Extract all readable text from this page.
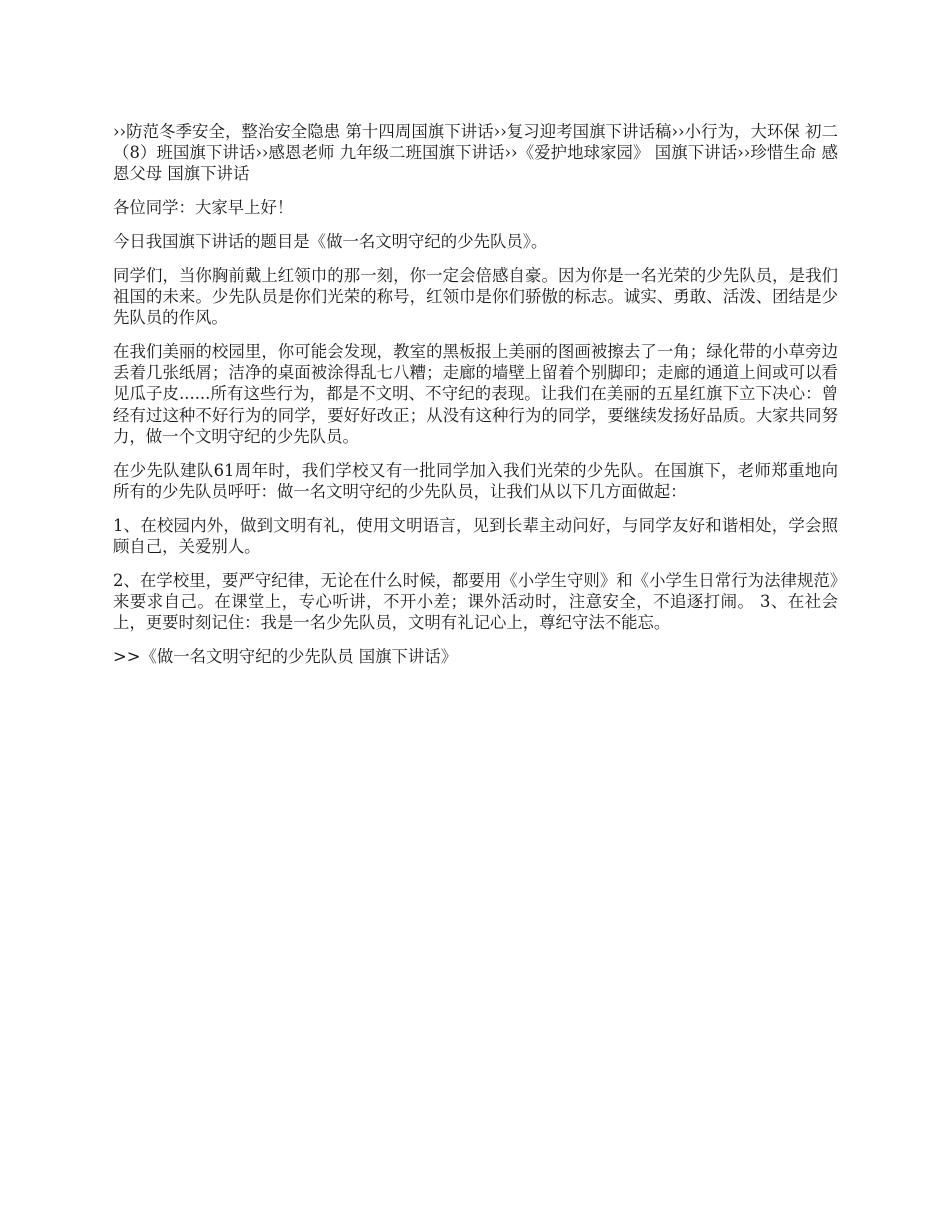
››防范冬季安全，整治安全隐患 第十四周国旗下讲话››复习迎考国旗下讲话稿››小行为，大环保 初二（8）班国旗下讲话››感恩老师 九年级二班国旗下讲话››《爱护地球家园》 国旗下讲话››珍惜生命 感恩父母 国旗下讲话

各位同学：大家早上好！

今日我国旗下讲话的题目是《做一名文明守纪的少先队员》。

同学们，当你胸前戴上红领巾的那一刻，你一定会倍感自豪。因为你是一名光荣的少先队员，是我们祖国的未来。少先队员是你们光荣的称号，红领巾是你们骄傲的标志。诚实、勇敢、活泼、团结是少先队员的作风。

在我们美丽的校园里，你可能会发现，教室的黑板报上美丽的图画被擦去了一角；绿化带的小草旁边丢着几张纸屑；洁净的桌面被涂得乱七八糟；走廊的墙壁上留着个别脚印；走廊的通道上间或可以看见瓜子皮......所有这些行为，都是不文明、不守纪的表现。让我们在美丽的五星红旗下立下决心：曾经有过这种不好行为的同学，要好好改正；从没有这种行为的同学，要继续发扬好品质。大家共同努力，做一个文明守纪的少先队员。

在少先队建队61周年时，我们学校又有一批同学加入我们光荣的少先队。在国旗下，老师郑重地向所有的少先队员呼吁：做一名文明守纪的少先队员，让我们从以下几方面做起：

1、在校园内外，做到文明有礼，使用文明语言，见到长辈主动问好，与同学友好和谐相处，学会照顾自己，关爱别人。

2、在学校里，要严守纪律，无论在什么时候，都要用《小学生守则》和《小学生日常行为法律规范》来要求自己。在课堂上，专心听讲，不开小差；课外活动时，注意安全，不追逐打闹。 3、在社会上，更要时刻记住：我是一名少先队员，文明有礼记心上，尊纪守法不能忘。

>>《做一名文明守纪的少先队员 国旗下讲话》
